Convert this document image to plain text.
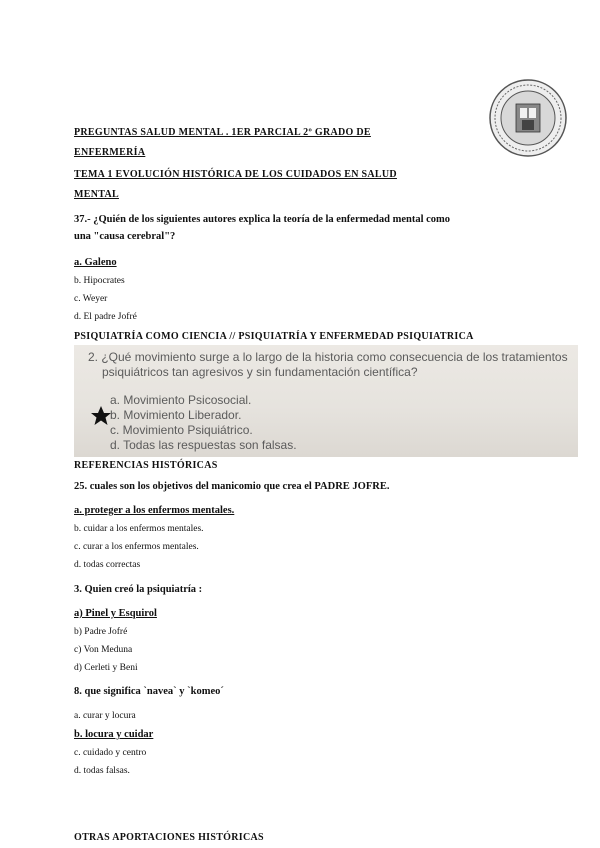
PREGUNTAS SALUD MENTAL . 1ER PARCIAL 2º GRADO DE
ENFERMERÍA
TEMA 1 EVOLUCIÓN HISTÓRICA DE LOS CUIDADOS EN SALUD
MENTAL
37.- ¿Quién de los siguientes autores explica la teoría de la enfermedad mental como
una "causa cerebral"?
a. Galeno
b. Hipocrates
c. Weyer
d. El padre Jofré
PSIQUIATRÍA COMO CIENCIA // PSIQUIATRÍA Y ENFERMEDAD PSIQUIATRICA
2. ¿Qué movimiento surge a lo largo de la historia como consecuencia de los tratamientos
psiquiátricos tan agresivos y sin fundamentación científica?
a. Movimiento Psicosocial.
b. Movimiento Liberador.
c. Movimiento Psiquiátrico.
d. Todas las respuestas son falsas.
REFERENCIAS HISTÓRICAS
25. cuales son los objetivos del manicomio que crea el PADRE JOFRE.
a. proteger a los enfermos mentales.
b. cuidar a los enfermos mentales.
c. curar a los enfermos mentales.
d. todas correctas
3. Quien creó la psiquiatría :
a) Pinel y Esquirol
b) Padre Jofré
c) Von Meduna
d) Cerleti y Beni
8. que significa `navea` y `komeo´
a. curar y locura
b. locura y cuidar
c. cuidado y centro
d. todas falsas.
OTRAS APORTACIONES HISTÓRICAS
